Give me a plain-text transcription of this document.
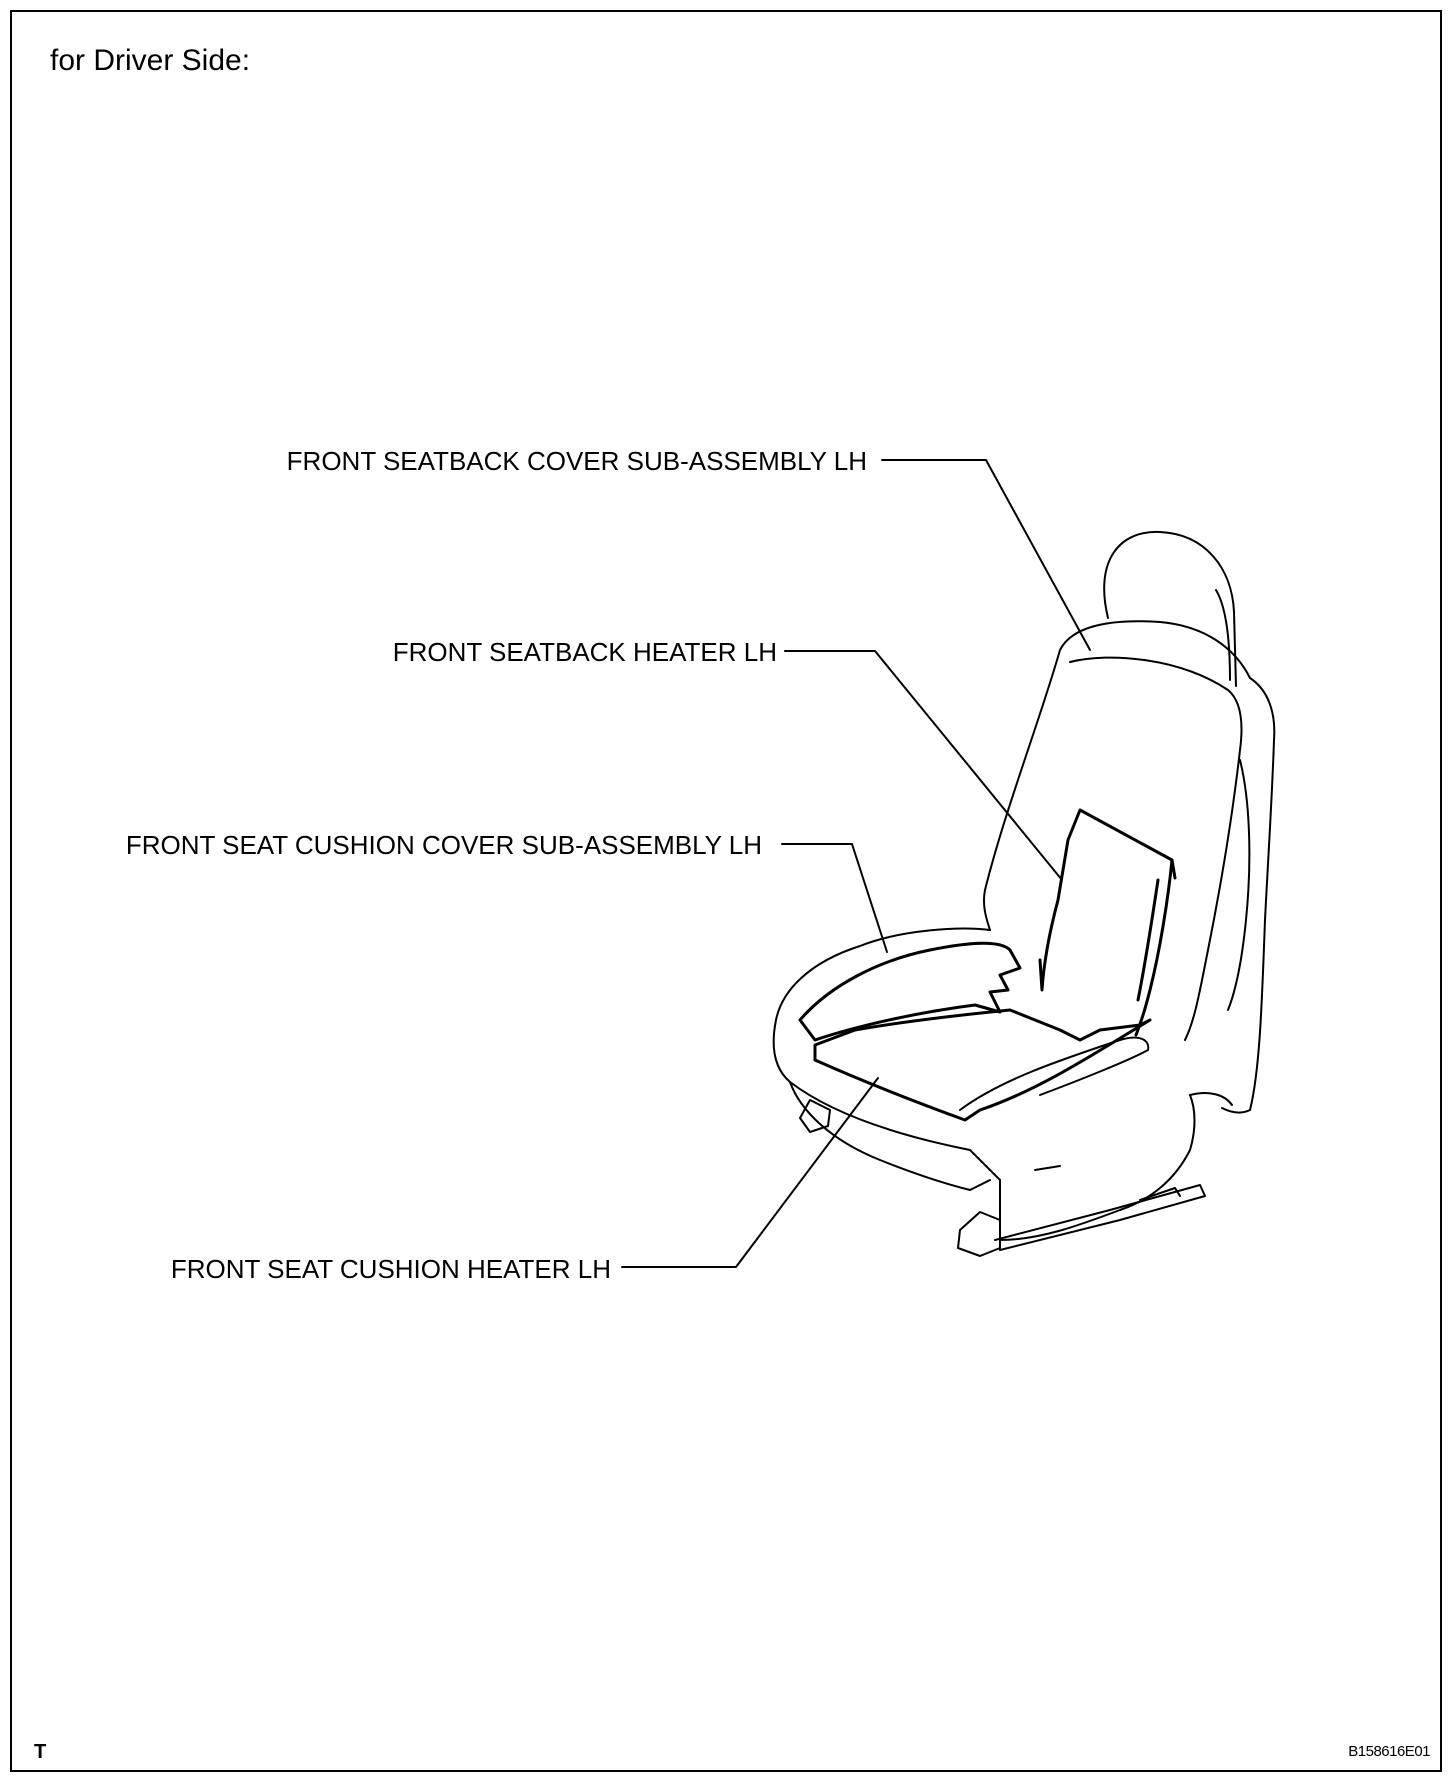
for Driver Side:
FRONT SEATBACK COVER SUB-ASSEMBLY LH
FRONT SEATBACK HEATER LH
FRONT SEAT CUSHION COVER SUB-ASSEMBLY LH
FRONT SEAT CUSHION HEATER LH
T	B158616E01
